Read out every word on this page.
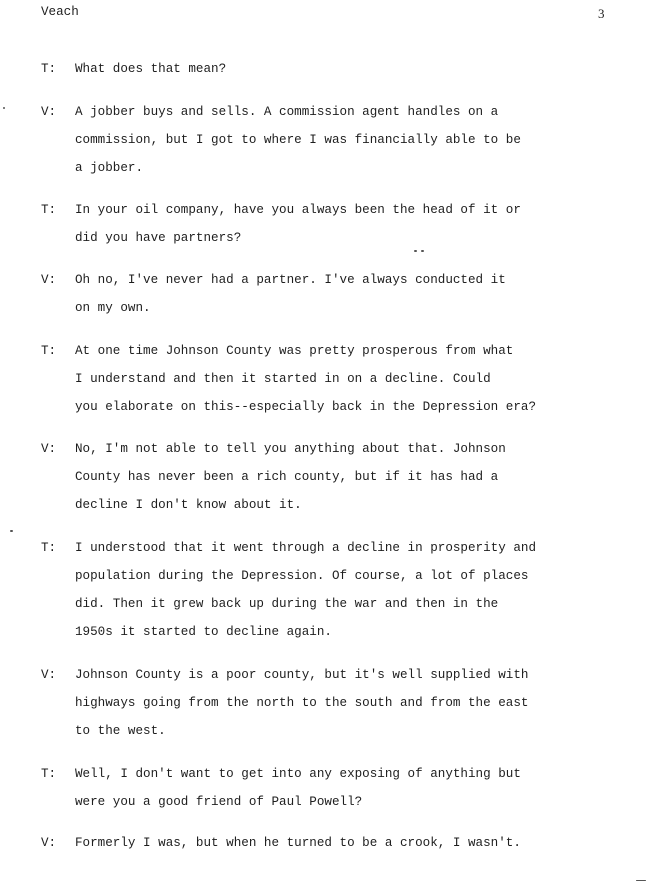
Veach	3
T: What does that mean?
V: A jobber buys and sells. A commission agent handles on a
commission, but I got to where I was financially able to be
a jobber.
T: In your oil company, have you always been the head of it or
did you have partners?
V: Oh no, I've never had a partner. I've always conducted it
on my own.
T: At one time Johnson County was pretty prosperous from what
I understand and then it started in on a decline. Could
you elaborate on this--especially back in the Depression era?
V: No, I'm not able to tell you anything about that. Johnson
County has never been a rich county, but if it has had a
decline I don't know about it.
T: I understood that it went through a decline in prosperity and
population during the Depression. Of course, a lot of places
did. Then it grew back up during the war and then in the
1950s it started to decline again.
V: Johnson County is a poor county, but it's well supplied with
highways going from the north to the south and from the east
to the west.
T: Well, I don't want to get into any exposing of anything but
were you a good friend of Paul Powell?
V: Formerly I was, but when he turned to be a crook, I wasn't.
